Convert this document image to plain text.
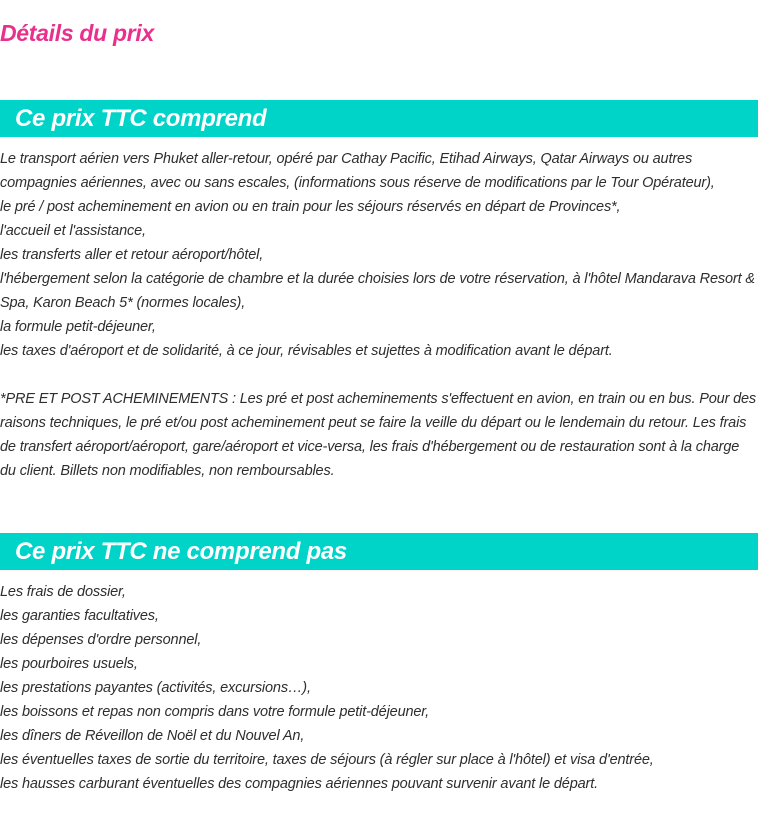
Détails du prix
Ce prix TTC comprend
Le transport aérien vers Phuket aller-retour, opéré par Cathay Pacific, Etihad Airways, Qatar Airways ou autres
compagnies aériennes, avec ou sans escales, (informations sous réserve de modifications par le Tour Opérateur),
le pré / post acheminement en avion ou en train pour les séjours réservés en départ de Provinces*,
l'accueil et l'assistance,
les transferts aller et retour aéroport/hôtel,
l'hébergement selon la catégorie de chambre et la durée choisies lors de votre réservation, à l'hôtel Mandarava Resort &
Spa, Karon Beach 5* (normes locales),
la formule petit-déjeuner,
les taxes d'aéroport et de solidarité, à ce jour, révisables et sujettes à modification avant le départ.
*PRE ET POST ACHEMINEMENTS : Les pré et post acheminements s'effectuent en avion, en train ou en bus. Pour des
raisons techniques, le pré et/ou post acheminement peut se faire la veille du départ ou le lendemain du retour. Les frais
de transfert aéroport/aéroport, gare/aéroport et vice-versa, les frais d'hébergement ou de restauration sont à la charge
du client. Billets non modifiables, non remboursables.
Ce prix TTC ne comprend pas
Les frais de dossier,
les garanties facultatives,
les dépenses d'ordre personnel,
les pourboires usuels,
les prestations payantes (activités, excursions…),
les boissons et repas non compris dans votre formule petit-déjeuner,
les dîners de Réveillon de Noël et du Nouvel An,
les éventuelles taxes de sortie du territoire, taxes de séjours (à régler sur place à l'hôtel) et visa d'entrée,
les hausses carburant éventuelles des compagnies aériennes pouvant survenir avant le départ.
